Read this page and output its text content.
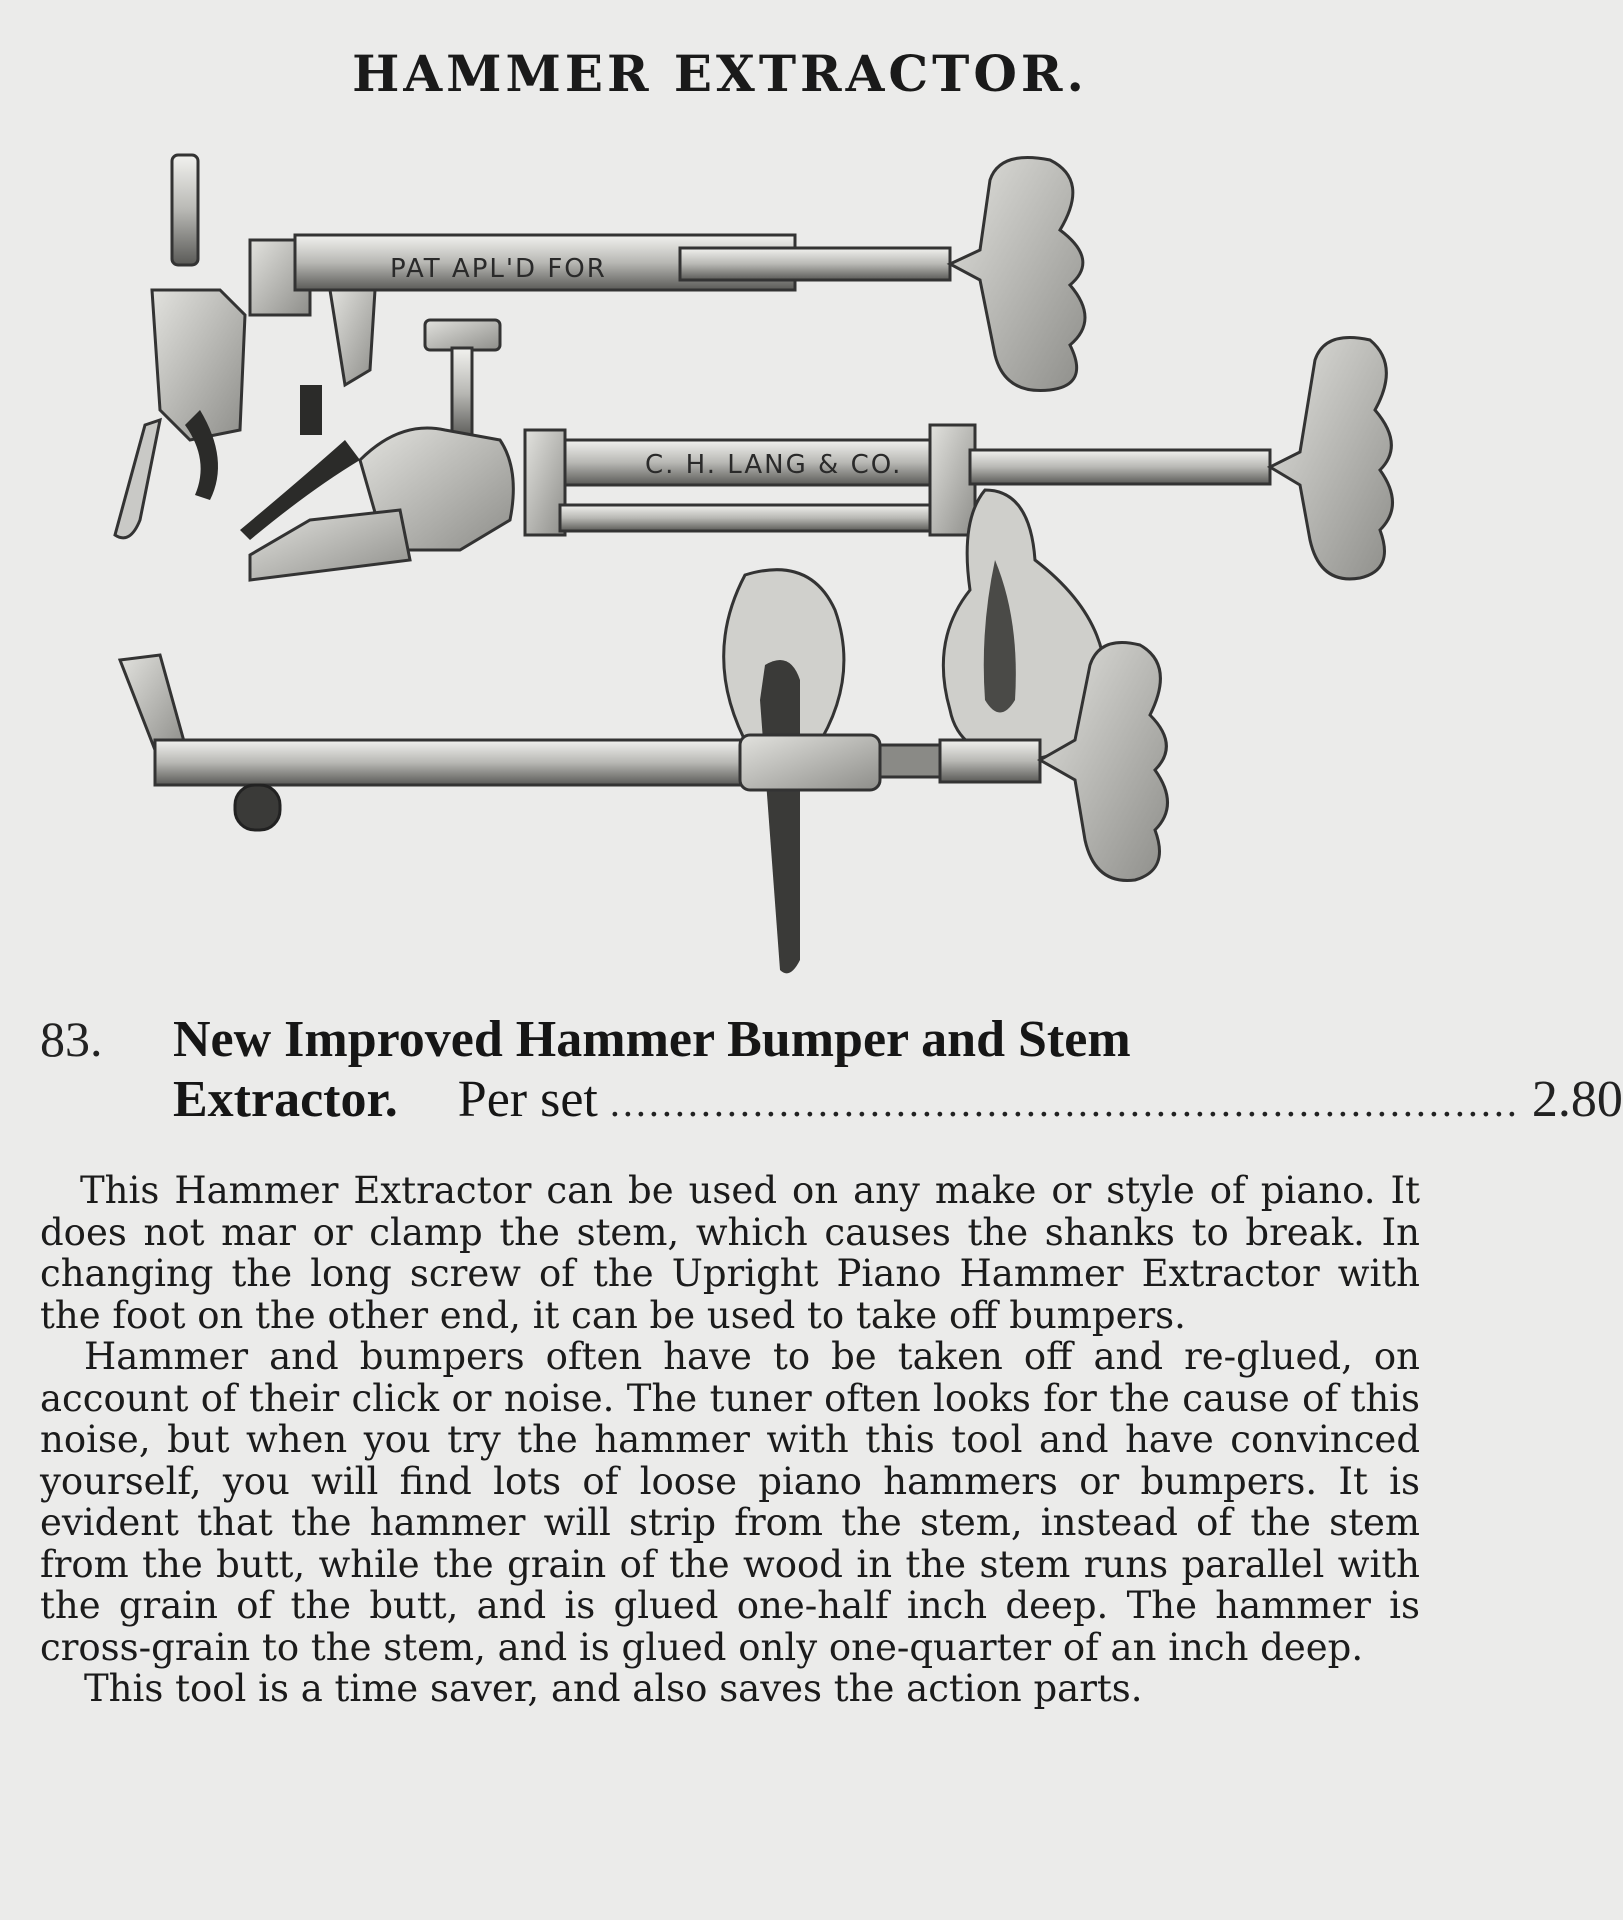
HAMMER EXTRACTOR.
PAT APL'D FOR
C. H. LANG & CO.
83. New Improved Hammer Bumper and Stem
Extractor. Per set ...................................................................... 2.80

This Hammer Extractor can be used on any make or style of piano. It does not mar or clamp the stem, which causes the shanks to break. In changing the long screw of the Upright Piano Hammer Extractor with the foot on the other end, it can be used to take off bumpers.

Hammer and bumpers often have to be taken off and re-glued, on account of their click or noise. The tuner often looks for the cause of this noise, but when you try the hammer with this tool and have convinced yourself, you will find lots of loose piano hammers or bumpers. It is evident that the hammer will strip from the stem, instead of the stem from the butt, while the grain of the wood in the stem runs parallel with the grain of the butt, and is glued one-half inch deep. The hammer is cross-grain to the stem, and is glued only one-quarter of an inch deep.

This tool is a time saver, and also saves the action parts.
